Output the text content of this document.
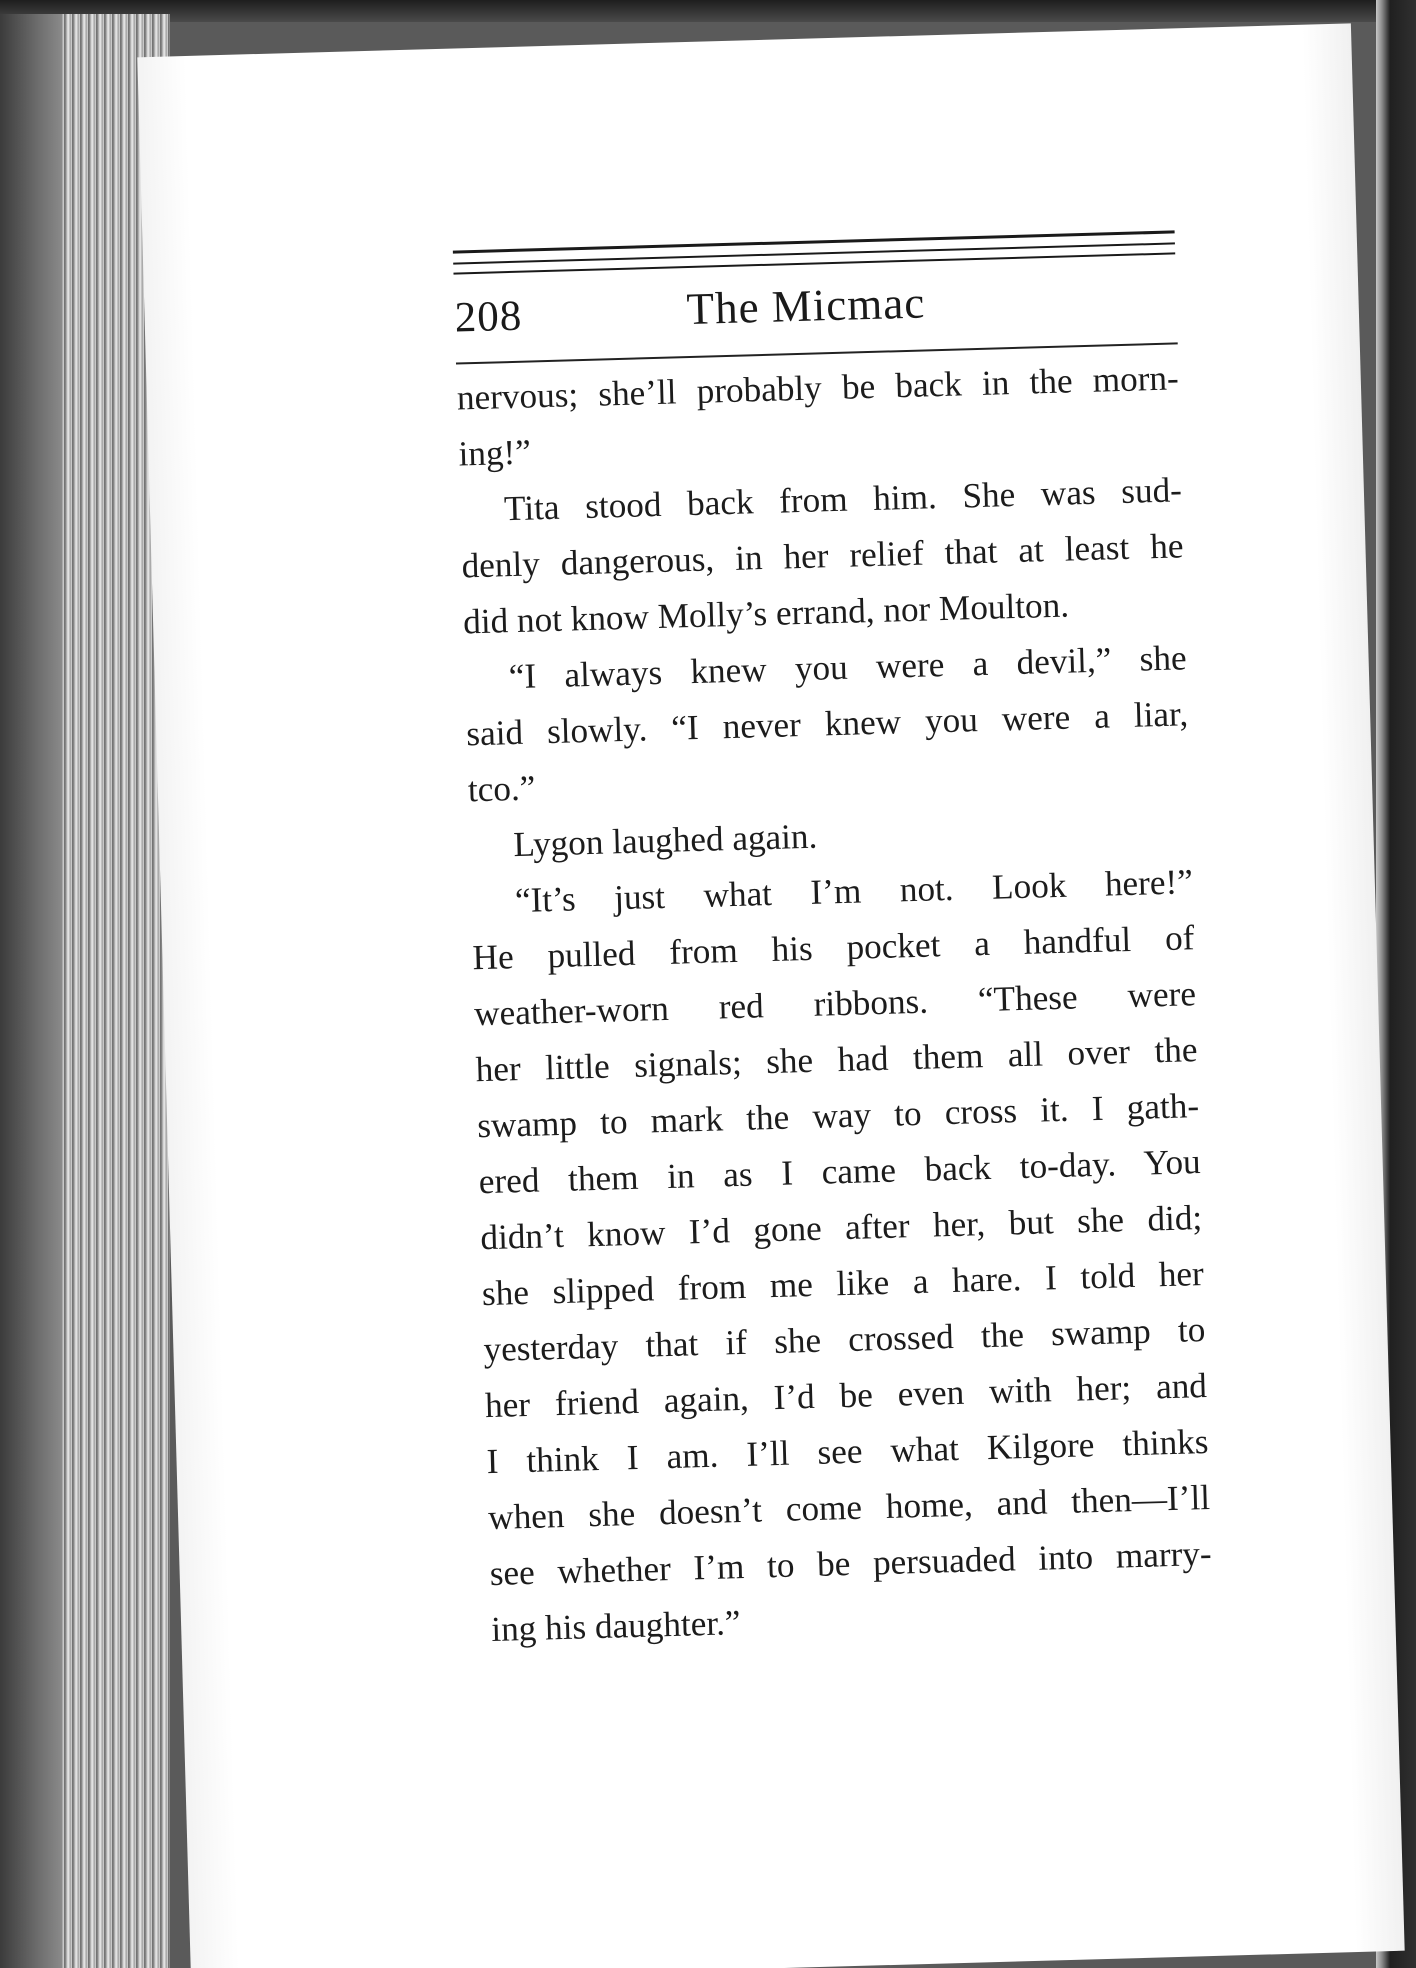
208	The Micmac
nervous; she’ll probably be back in the morn-
ing!”
Tita stood back from him. She was sud-
denly dangerous, in her relief that at least he
did not know Molly’s errand, nor Moulton.
“I always knew you were a devil,” she
said slowly. “I never knew you were a liar,
tco.”
Lygon laughed again.
“It’s just what I’m not. Look here!”
He pulled from his pocket a handful of
weather-worn red ribbons. “These were
her little signals; she had them all over the
swamp to mark the way to cross it. I gath-
ered them in as I came back to-day. You
didn’t know I’d gone after her, but she did;
she slipped from me like a hare. I told her
yesterday that if she crossed the swamp to
her friend again, I’d be even with her; and
I think I am. I’ll see what Kilgore thinks
when she doesn’t come home, and then—I’ll
see whether I’m to be persuaded into marry-
ing his daughter.”
